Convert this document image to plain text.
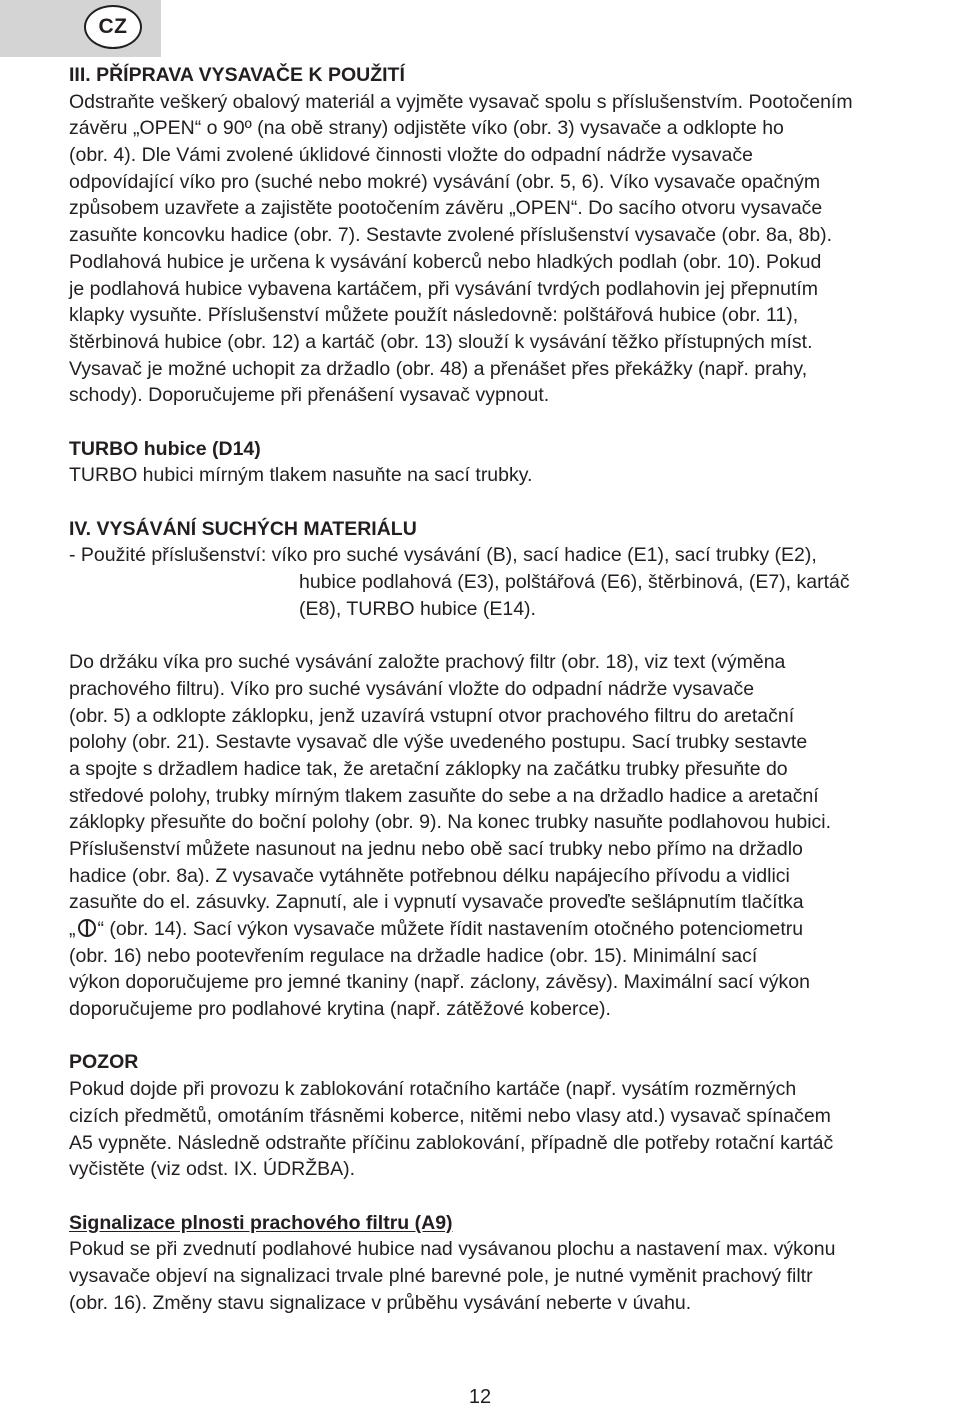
CZ
III. PŘÍPRAVA VYSAVAČE K POUŽITÍ
Odstraňte veškerý obalový materiál a vyjměte vysavač spolu s příslušenstvím. Pootočením
závěru „OPEN“ o 90º (na obě strany) odjistěte víko (obr. 3) vysavače a odklopte ho
(obr. 4). Dle Vámi zvolené úklidové činnosti vložte do odpadní nádrže vysavače
odpovídající víko pro (suché nebo mokré) vysávání (obr. 5, 6). Víko vysavače opačným
způsobem uzavřete a zajistěte pootočením závěru „OPEN“. Do sacího otvoru vysavače
zasuňte koncovku hadice (obr. 7). Sestavte zvolené příslušenství vysavače (obr. 8a, 8b).
Podlahová hubice je určena k vysávání koberců nebo hladkých podlah (obr. 10). Pokud
je podlahová hubice vybavena kartáčem, při vysávání tvrdých podlahovin jej přepnutím
klapky vysuňte. Příslušenství můžete použít následovně: polštářová hubice (obr. 11),
štěrbinová hubice (obr. 12) a kartáč (obr. 13) slouží k vysávání těžko přístupných míst.
Vysavač je možné uchopit za držadlo (obr. 48) a přenášet přes překážky (např. prahy,
schody). Doporučujeme při přenášení vysavač vypnout.
TURBO hubice (D14)
TURBO hubici mírným tlakem nasuňte na sací trubky.
IV. VYSÁVÁNÍ SUCHÝCH MATERIÁLU
- Použité příslušenství: víko pro suché vysávání (B), sací hadice (E1), sací trubky (E2),
hubice podlahová (E3), polštářová (E6), štěrbinová, (E7), kartáč
(E8), TURBO hubice (E14).
Do držáku víka pro suché vysávání založte prachový filtr (obr. 18), viz text (výměna
prachového filtru). Víko pro suché vysávání vložte do odpadní nádrže vysavače
(obr. 5) a odklopte záklopku, jenž uzavírá vstupní otvor prachového filtru do aretační
polohy (obr. 21). Sestavte vysavač dle výše uvedeného postupu. Sací trubky sestavte
a spojte s držadlem hadice tak, že aretační záklopky na začátku trubky přesuňte do
středové polohy, trubky mírným tlakem zasuňte do sebe a na držadlo hadice a aretační
záklopky přesuňte do boční polohy (obr. 9). Na konec trubky nasuňte podlahovou hubici.
Příslušenství můžete nasunout na jednu nebo obě sací trubky nebo přímo na držadlo
hadice (obr. 8a). Z vysavače vytáhněte potřebnou délku napájecího přívodu a vidlici
zasuňte do el. zásuvky. Zapnutí, ale i vypnutí vysavače proveďte sešlápnutím tlačítka
„ “ (obr. 14). Sací výkon vysavače můžete řídit nastavením otočného potenciometru
(obr. 16) nebo pootevřením regulace na držadle hadice (obr. 15). Minimální sací
výkon doporučujeme pro jemné tkaniny (např. záclony, závěsy). Maximální sací výkon
doporučujeme pro podlahové krytina (např. zátěžové koberce).
POZOR
Pokud dojde při provozu k zablokování rotačního kartáče (např. vysátím rozměrných
cizích předmětů, omotáním třásněmi koberce, nitěmi nebo vlasy atd.) vysavač spínačem
A5 vypněte. Následně odstraňte příčinu zablokování, případně dle potřeby rotační kartáč
vyčistěte (viz odst. IX. ÚDRŽBA).
Signalizace plnosti prachového filtru (A9)
Pokud se při zvednutí podlahové hubice nad vysávanou plochu a nastavení max. výkonu
vysavače objeví na signalizaci trvale plné barevné pole, je nutné vyměnit prachový filtr
(obr. 16). Změny stavu signalizace v průběhu vysávání neberte v úvahu.
12
